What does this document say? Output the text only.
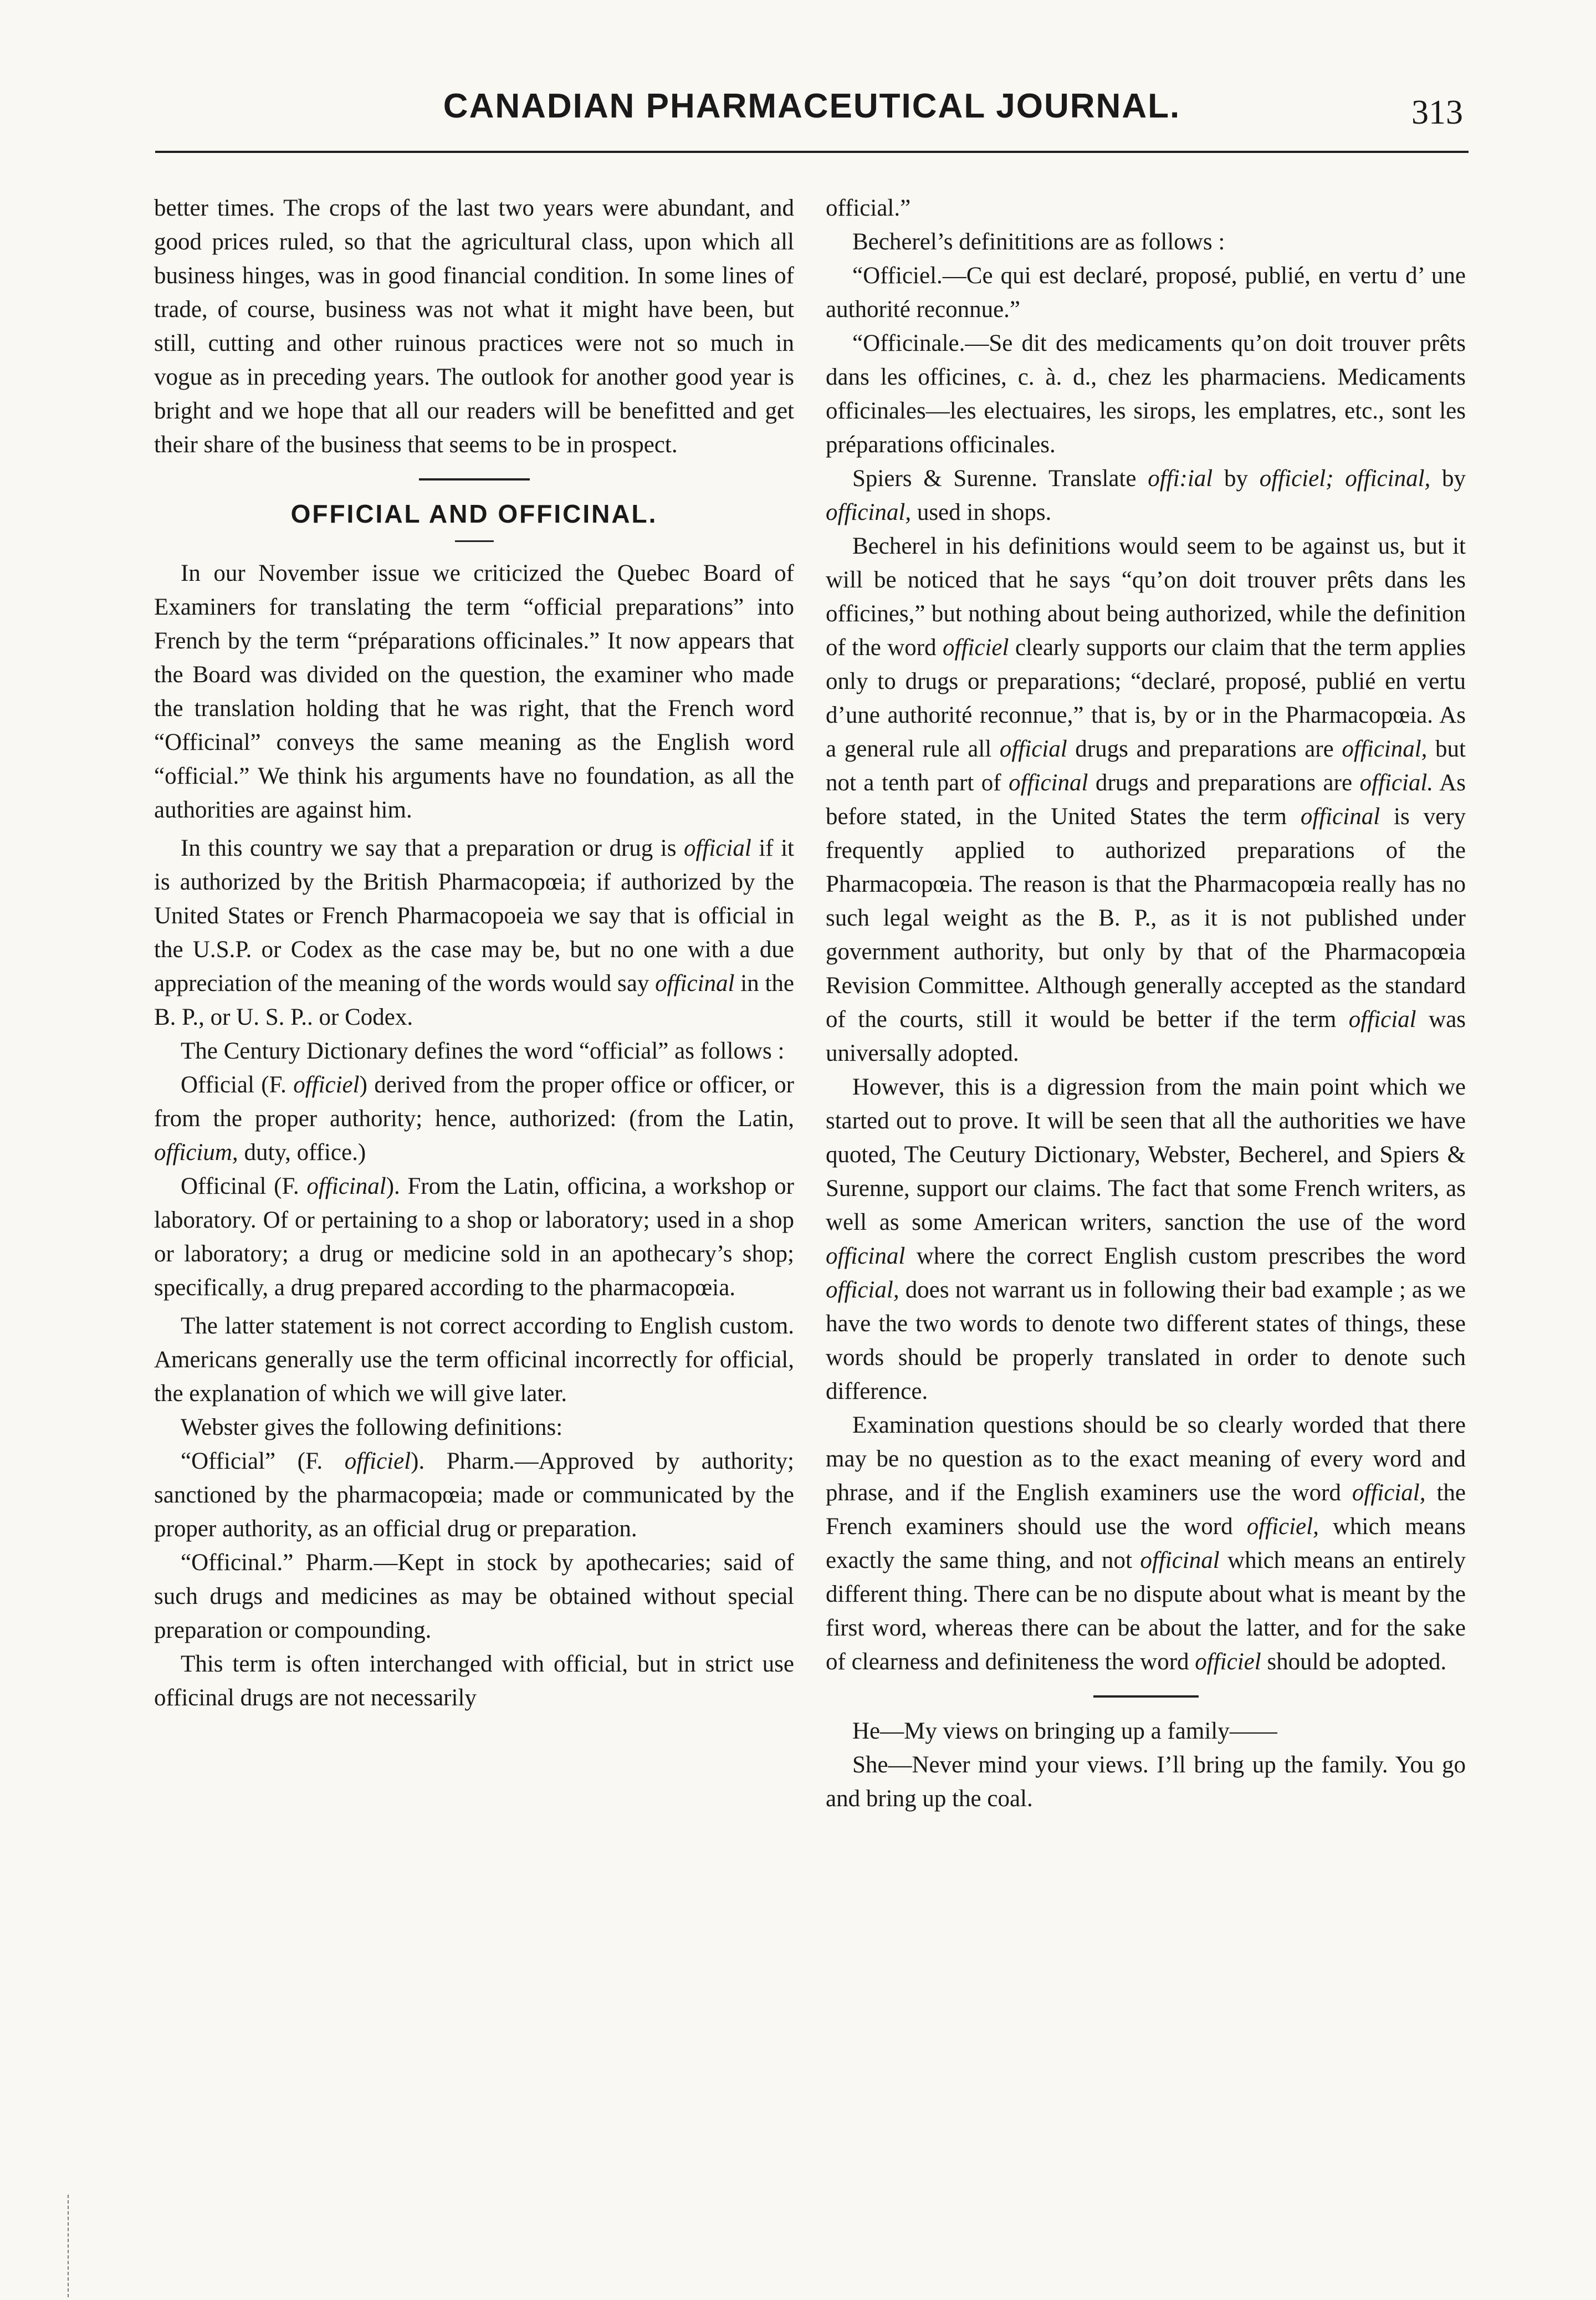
CANADIAN PHARMACEUTICAL JOURNAL.	313

better times. The crops of the last two years were abundant, and good prices ruled, so that the agricultural class, upon which all business hinges, was in good financial condition. In some lines of trade, of course, business was not what it might have been, but still, cutting and other ruinous practices were not so much in vogue as in preceding years. The outlook for another good year is bright and we hope that all our readers will be benefitted and get their share of the business that seems to be in prospect.

OFFICIAL AND OFFICINAL.

In our November issue we criticized the Quebec Board of Examiners for translating the term “official preparations” into French by the term “préparations officinales.” It now appears that the Board was divided on the question, the examiner who made the translation holding that he was right, that the French word “Officinal” conveys the same meaning as the English word “official.” We think his arguments have no foundation, as all the authorities are against him.

In this country we say that a preparation or drug is official if it is authorized by the British Pharmacopœia; if authorized by the United States or French Pharmacopoeia we say that is official in the U.S.P. or Codex as the case may be, but no one with a due appreciation of the meaning of the words would say officinal in the B. P., or U. S. P.. or Codex.

The Century Dictionary defines the word “official” as follows :

Official (F. officiel) derived from the proper office or officer, or from the proper authority; hence, authorized: (from the Latin, officium, duty, office.)

Officinal (F. officinal). From the Latin, officina, a workshop or laboratory. Of or pertaining to a shop or laboratory; used in a shop or laboratory; a drug or medicine sold in an apothecary’s shop; specifically, a drug prepared according to the pharmacopœia.

The latter statement is not correct according to English custom. Americans generally use the term officinal incorrectly for official, the explanation of which we will give later.

Webster gives the following definitions:

“Official” (F. officiel). Pharm.—Approved by authority; sanctioned by the pharmacopœia; made or communicated by the proper authority, as an official drug or preparation.

“Officinal.” Pharm.—Kept in stock by apothecaries; said of such drugs and medicines as may be obtained without special preparation or compounding.

This term is often interchanged with official, but in strict use officinal drugs are not necessarily

official.”

Becherel’s definititions are as follows :

“Officiel.—Ce qui est declaré, proposé, publié, en vertu d’ une authorité reconnue.”

“Officinale.—Se dit des medicaments qu’on doit trouver prêts dans les officines, c. à. d., chez les pharmaciens. Medicaments officinales—les electuaires, les sirops, les emplatres, etc., sont les préparations officinales.

Spiers & Surenne. Translate offi:ial by officiel; officinal, by officinal, used in shops.

Becherel in his definitions would seem to be against us, but it will be noticed that he says “qu’on doit trouver prêts dans les officines,” but nothing about being authorized, while the definition of the word officiel clearly supports our claim that the term applies only to drugs or preparations; “declaré, proposé, publié en vertu d’une authorité reconnue,” that is, by or in the Pharmacopœia. As a general rule all official drugs and preparations are officinal, but not a tenth part of officinal drugs and preparations are official. As before stated, in the United States the term officinal is very frequently applied to authorized preparations of the Pharmacopœia. The reason is that the Pharmacopœia really has no such legal weight as the B. P., as it is not published under government authority, but only by that of the Pharmacopœia Revision Committee. Although generally accepted as the standard of the courts, still it would be better if the term official was universally adopted.

However, this is a digression from the main point which we started out to prove. It will be seen that all the authorities we have quoted, The Ceutury Dictionary, Webster, Becherel, and Spiers & Surenne, support our claims. The fact that some French writers, as well as some American writers, sanction the use of the word officinal where the correct English custom prescribes the word official, does not warrant us in following their bad example ; as we have the two words to denote two different states of things, these words should be properly translated in order to denote such difference.

Examination questions should be so clearly worded that there may be no question as to the exact meaning of every word and phrase, and if the English examiners use the word official, the French examiners should use the word officiel, which means exactly the same thing, and not officinal which means an entirely different thing. There can be no dispute about what is meant by the first word, whereas there can be about the latter, and for the sake of clearness and definiteness the word officiel should be adopted.

He—My views on bringing up a family——

She—Never mind your views. I’ll bring up the family. You go and bring up the coal.
